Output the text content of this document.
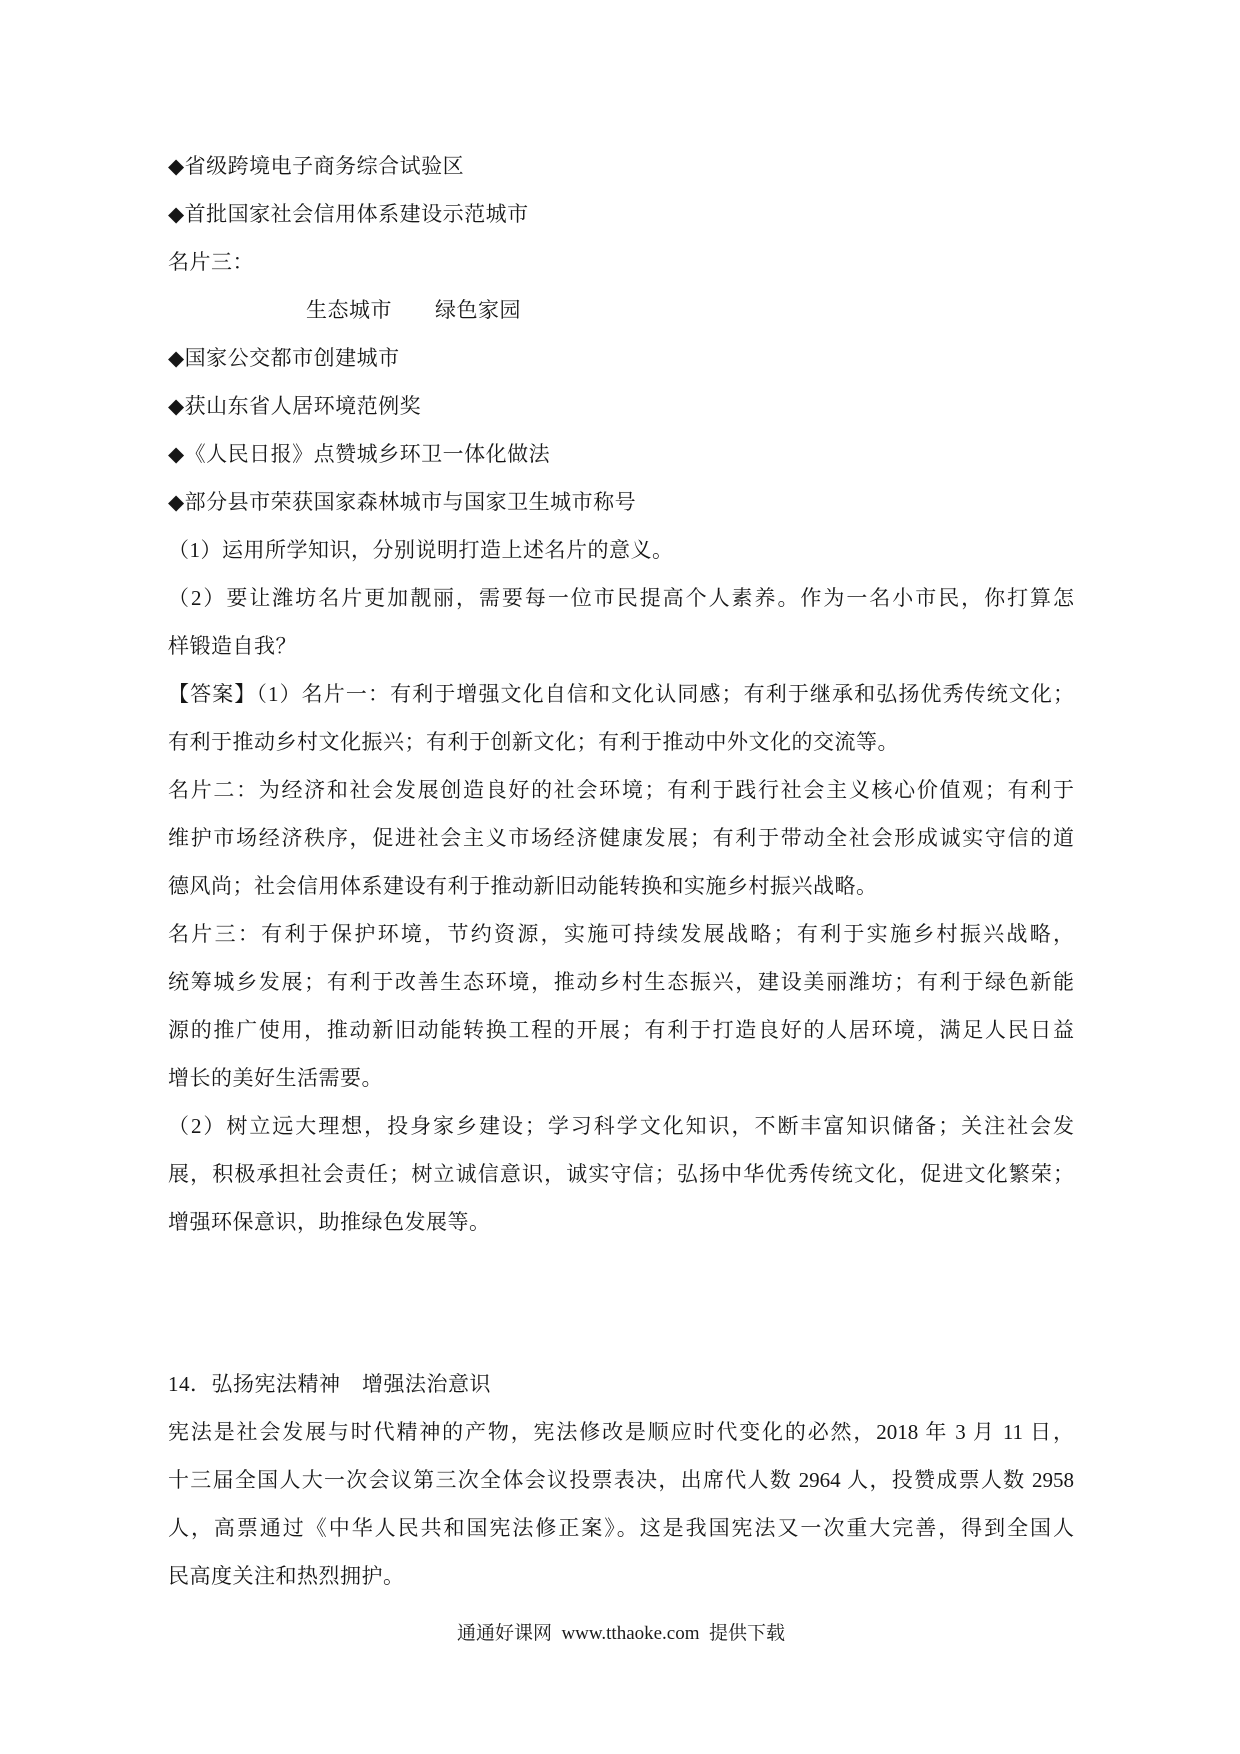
◆省级跨境电子商务综合试验区
◆首批国家社会信用体系建设示范城市
名片三：
生态城市　　绿色家园
◆国家公交都市创建城市
◆获山东省人居环境范例奖
◆《人民日报》点赞城乡环卫一体化做法
◆部分县市荣获国家森林城市与国家卫生城市称号
（1）运用所学知识，分别说明打造上述名片的意义。
（2）要让潍坊名片更加靓丽，需要每一位市民提高个人素养。作为一名小市民，你打算怎
样锻造自我？
【答案】（1）名片一：有利于增强文化自信和文化认同感；有利于继承和弘扬优秀传统文化；
有利于推动乡村文化振兴；有利于创新文化；有利于推动中外文化的交流等。
名片二：为经济和社会发展创造良好的社会环境；有利于践行社会主义核心价值观；有利于
维护市场经济秩序，促进社会主义市场经济健康发展；有利于带动全社会形成诚实守信的道
德风尚；社会信用体系建设有利于推动新旧动能转换和实施乡村振兴战略。
名片三：有利于保护环境，节约资源，实施可持续发展战略；有利于实施乡村振兴战略，
统筹城乡发展；有利于改善生态环境，推动乡村生态振兴，建设美丽潍坊；有利于绿色新能
源的推广使用，推动新旧动能转换工程的开展；有利于打造良好的人居环境，满足人民日益
增长的美好生活需要。
（2）树立远大理想，投身家乡建设；学习科学文化知识，不断丰富知识储备；关注社会发
展，积极承担社会责任；树立诚信意识，诚实守信；弘扬中华优秀传统文化，促进文化繁荣；
增强环保意识，助推绿色发展等。
14．弘扬宪法精神　增强法治意识
宪法是社会发展与时代精神的产物，宪法修改是顺应时代变化的必然，2018 年 3 月 11 日，
十三届全国人大一次会议第三次全体会议投票表决，出席代人数 2964 人，投赞成票人数 2958
人，高票通过《中华人民共和国宪法修正案》。这是我国宪法又一次重大完善，得到全国人
民高度关注和热烈拥护。
通通好课网  www.tthaoke.com  提供下载
